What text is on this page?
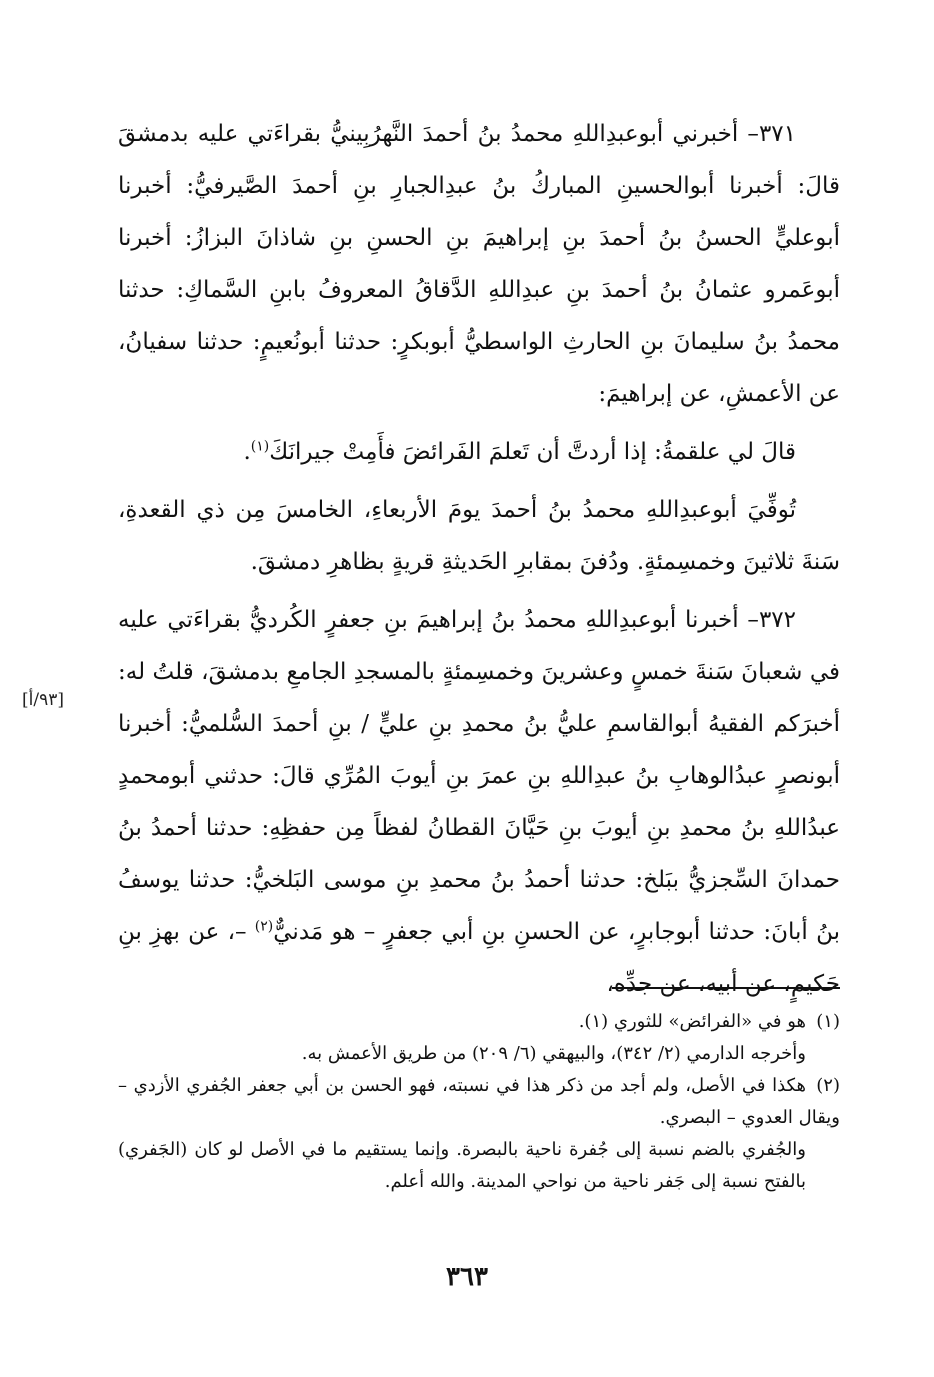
٣٧١– أخبرني أبوعبدِاللهِ محمدُ بنُ أحمدَ النَّهرُبِينيُّ بقراءَتي عليه بدمشقَ قالَ: أخبرنا أبوالحسينِ المباركُ بنُ عبدِالجبارِ بنِ أحمدَ الصَّيرفيُّ: أخبرنا أبوعليٍّ الحسنُ بنُ أحمدَ بنِ إبراهيمَ بنِ الحسنِ بنِ شاذانَ البزازُ: أخبرنا أبوعَمرو عثمانُ بنُ أحمدَ بنِ عبدِاللهِ الدَّقاقُ المعروفُ بابنِ السَّماكِ: حدثنا محمدُ بنُ سليمانَ بنِ الحارثِ الواسطيُّ أبوبكرٍ: حدثنا أبونُعيمٍ: حدثنا سفيانُ، عن الأعمشِ، عن إبراهيمَ:

قالَ لي علقمةُ: إذا أردتَّ أن تَعلمَ الفَرائضَ فأَمِتْ جيرانَكَ$^{(١)}$.

تُوفِّيَ أبوعبدِاللهِ محمدُ بنُ أحمدَ يومَ الأربعاءِ، الخامسَ مِن ذي القعدةِ، سَنةَ ثلاثينَ وخمسِمئةٍ. ودُفنَ بمقابرِ الحَديثةِ قريةٍ بظاهرِ دمشقَ.

٣٧٢– أخبرنا أبوعبدِاللهِ محمدُ بنُ إبراهيمَ بنِ جعفرٍ الكُرديُّ بقراءَتي عليه في شعبانَ سَنةَ خمسٍ وعشرينَ وخمسِمئةٍ بالمسجدِ الجامعِ بدمشقَ، قلتُ له: أخبرَكم الفقيهُ أبوالقاسمِ عليُّ بنُ محمدِ بنِ عليٍّ / بنِ أحمدَ السُّلميُّ: أخبرنا أبونصرٍ عبدُالوهابِ بنُ عبدِاللهِ بنِ عمرَ بنِ أيوبَ المُرِّي قالَ: حدثني أبومحمدٍ عبدُاللهِ بنُ محمدِ بنِ أيوبَ بنِ حَيَّانَ القطانُ لفظاً مِن حفظِهِ: حدثنا أحمدُ بنُ حمدانَ السِّجزيُّ ببَلخ: حدثنا أحمدُ بنُ محمدِ بنِ موسى البَلخيُّ: حدثنا يوسفُ بنُ أبانَ: حدثنا أبوجابرٍ، عن الحسنِ بنِ أبي جعفرٍ – هو مَدنيٌّ$^{(٢)}$ –، عن بهزِ بنِ حَكيمٍ، عن أبيه، عن جدِّه،

[٩٣/أ]

(١)هو في «الفرائض» للثوري (١).

وأخرجه الدارمي (٢/ ٣٤٢)، والبيهقي (٦/ ٢٠٩) من طريق الأعمش به.

(٢)هكذا في الأصل، ولم أجد من ذكر هذا في نسبته، فهو الحسن بن أبي جعفر الجُفري الأزدي – ويقال العدوي – البصري.

والجُفري بالضم نسبة إلى جُفرة ناحية بالبصرة. وإنما يستقيم ما في الأصل لو كان (الجَفري) بالفتح نسبة إلى جَفر ناحية من نواحي المدينة. والله أعلم.

٣٦٣
